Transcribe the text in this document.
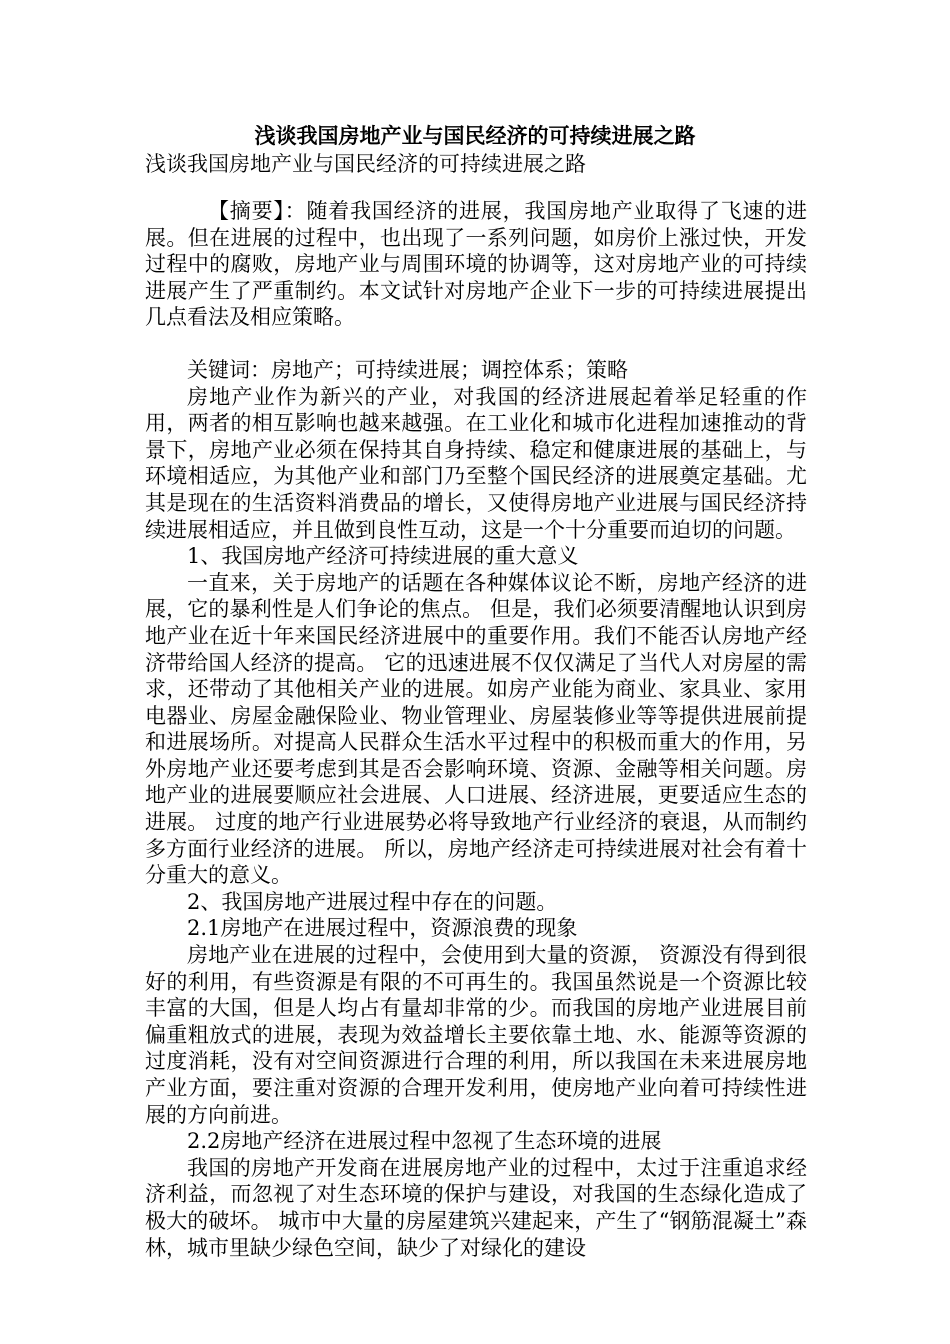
浅谈我国房地产业与国民经济的可持续进展之路
浅谈我国房地产业与国民经济的可持续进展之路

【摘要】：随着我国经济的进展，我国房地产业取得了飞速的进展。但在进展的过程中，也出现了一系列问题，如房价上涨过快，开发过程中的腐败，房地产业与周围环境的协调等，这对房地产业的可持续进展产生了严重制约。本文试针对房地产企业下一步的可持续进展提出几点看法及相应策略。

关键词：房地产；可持续进展；调控体系；策略

房地产业作为新兴的产业，对我国的经济进展起着举足轻重的作用，两者的相互影响也越来越强。在工业化和城市化进程加速推动的背景下，房地产业必须在保持其自身持续、稳定和健康进展的基础上，与环境相适应，为其他产业和部门乃至整个国民经济的进展奠定基础。尤其是现在的生活资料消费品的增长，又使得房地产业进展与国民经济持续进展相适应，并且做到良性互动，这是一个十分重要而迫切的问题。

1、我国房地产经济可持续进展的重大意义

一直来，关于房地产的话题在各种媒体议论不断，房地产经济的进展，它的暴利性是人们争论的焦点。 但是，我们必须要清醒地认识到房地产业在近十年来国民经济进展中的重要作用。我们不能否认房地产经济带给国人经济的提高。 它的迅速进展不仅仅满足了当代人对房屋的需求，还带动了其他相关产业的进展。如房产业能为商业、家具业、家用电器业、房屋金融保险业、物业管理业、房屋装修业等等提供进展前提和进展场所。对提高人民群众生活水平过程中的积极而重大的作用，另外房地产业还要考虑到其是否会影响环境、资源、金融等相关问题。房地产业的进展要顺应社会进展、人口进展、经济进展，更要适应生态的进展。 过度的地产行业进展势必将导致地产行业经济的衰退，从而制约多方面行业经济的进展。 所以，房地产经济走可持续进展对社会有着十分重大的意义。

2、我国房地产进展过程中存在的问题。

2.1房地产在进展过程中，资源浪费的现象

房地产业在进展的过程中，会使用到大量的资源， 资源没有得到很好的利用，有些资源是有限的不可再生的。我国虽然说是一个资源比较丰富的大国，但是人均占有量却非常的少。而我国的房地产业进展目前偏重粗放式的进展，表现为效益增长主要依靠土地、水、能源等资源的过度消耗，没有对空间资源进行合理的利用，所以我国在未来进展房地产业方面，要注重对资源的合理开发利用，使房地产业向着可持续性进展的方向前进。

2.2房地产经济在进展过程中忽视了生态环境的进展

我国的房地产开发商在进展房地产业的过程中，太过于注重追求经济利益，而忽视了对生态环境的保护与建设，对我国的生态绿化造成了极大的破坏。 城市中大量的房屋建筑兴建起来，产生了“钢筋混凝土”森林，城市里缺少绿色空间，缺少了对绿化的建设
